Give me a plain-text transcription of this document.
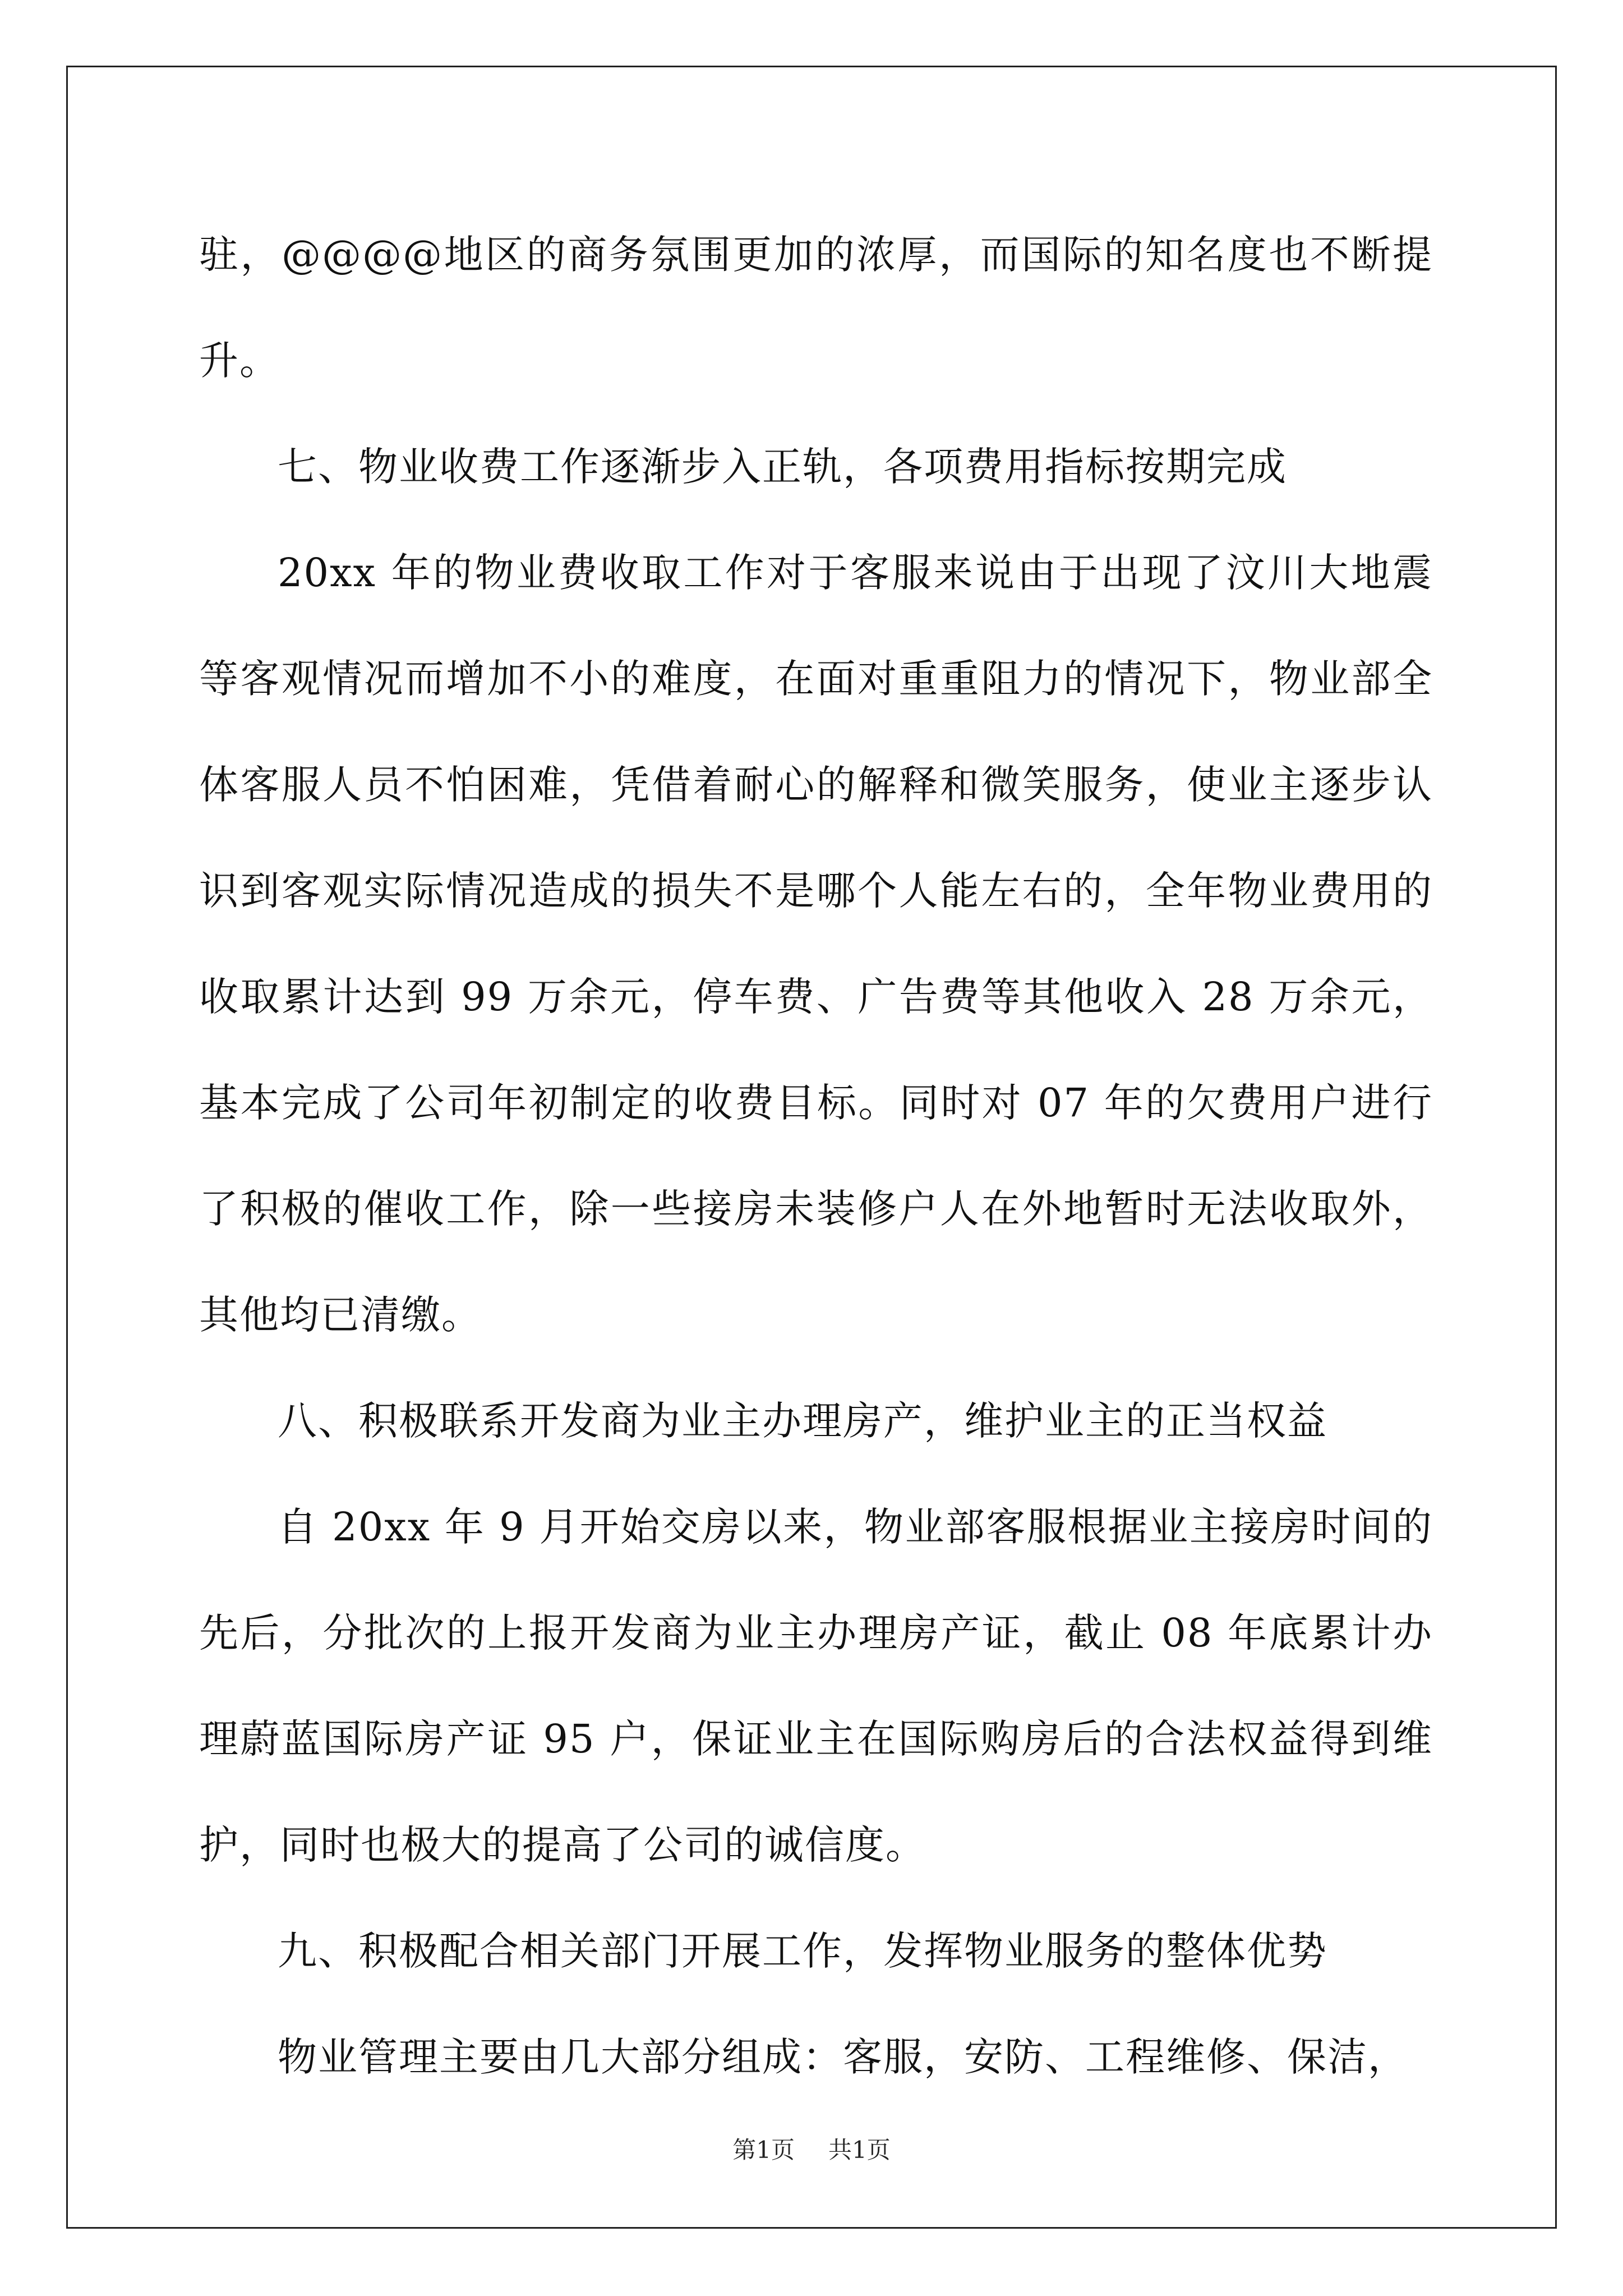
驻，@@@@地区的商务氛围更加的浓厚，而国际的知名度也不断提升。

七、物业收费工作逐渐步入正轨，各项费用指标按期完成

20xx 年的物业费收取工作对于客服来说由于出现了汶川大地震等客观情况而增加不小的难度，在面对重重阻力的情况下，物业部全体客服人员不怕困难，凭借着耐心的解释和微笑服务，使业主逐步认识到客观实际情况造成的损失不是哪个人能左右的，全年物业费用的收取累计达到 99 万余元，停车费、广告费等其他收入 28 万余元，基本完成了公司年初制定的收费目标。同时对 07 年的欠费用户进行了积极的催收工作，除一些接房未装修户人在外地暂时无法收取外，其他均已清缴。

八、积极联系开发商为业主办理房产，维护业主的正当权益

自 20xx 年 9 月开始交房以来，物业部客服根据业主接房时间的先后，分批次的上报开发商为业主办理房产证，截止 08 年底累计办理蔚蓝国际房产证 95 户，保证业主在国际购房后的合法权益得到维护，同时也极大的提高了公司的诚信度。

九、积极配合相关部门开展工作，发挥物业服务的整体优势

物业管理主要由几大部分组成：客服，安防、工程维修、保洁，

第1页 共1页
